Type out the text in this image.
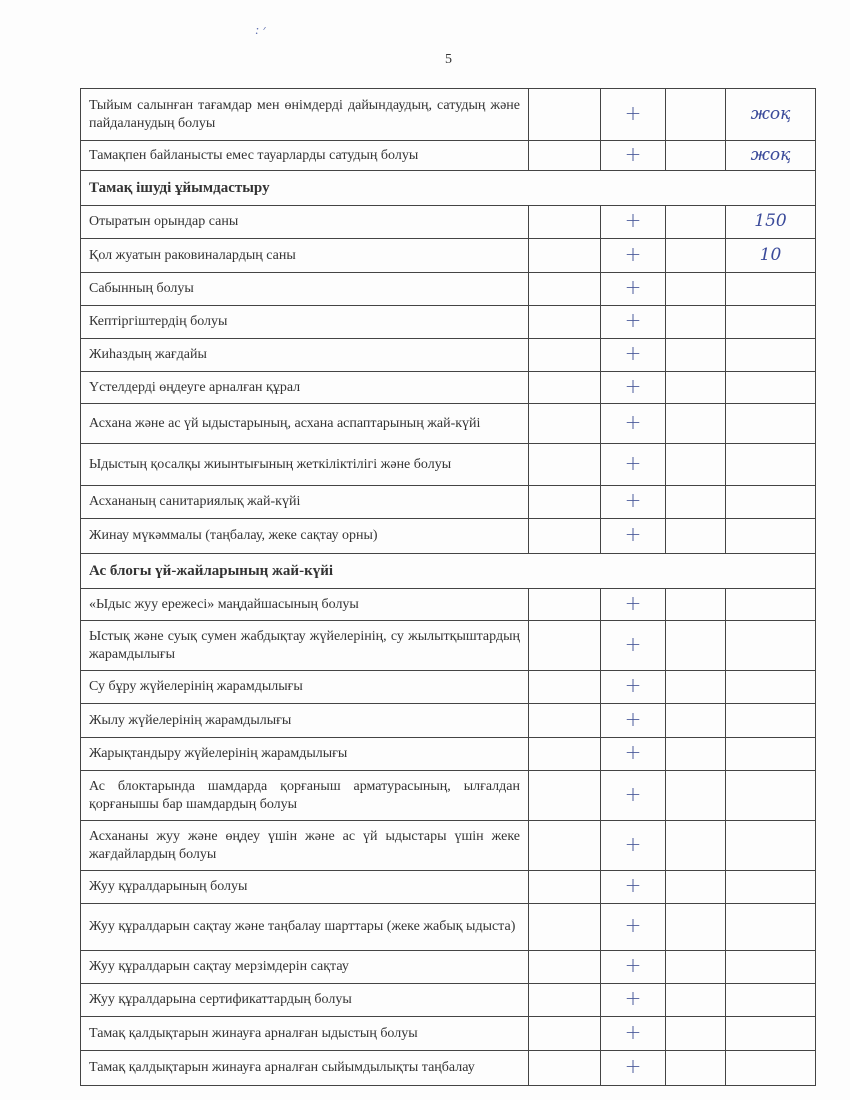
: ׳
5
Тыйым салынған тағамдар мен өнімдерді дайындаудың, сатудың және пайдаланудың болуы		+		жоқ
Тамақпен байланысты емес тауарларды сатудың болуы		+		жоқ
Тамақ ішуді ұйымдастыру				
Отыратын орындар саны		+		150
Қол жуатын раковиналардың саны		+		10
Сабынның болуы		+		
Кептіргіштердің болуы		+		
Жиһаздың жағдайы		+		
Үстелдерді өңдеуге арналған құрал		+		
Асхана және ас үй ыдыстарының, асхана аспаптарының жай-күйі		+		
Ыдыстың қосалқы жиынтығының жеткіліктілігі және болуы		+		
Асхананың санитариялық жай-күйі		+		
Жинау мүкәммалы (таңбалау, жеке сақтау орны)		+		
Ас блогы үй-жайларының жай-күйі				
«Ыдыс жуу ережесі» маңдайшасының болуы		+		
Ыстық және суық сумен жабдықтау жүйелерінің, су жылытқыштардың жарамдылығы		+		
Су бұру жүйелерінің жарамдылығы		+		
Жылу жүйелерінің жарамдылығы		+		
Жарықтандыру жүйелерінің жарамдылығы		+		
Ас блоктарында шамдарда қорғаныш арматурасының, ылғалдан қорғанышы бар шамдардың болуы		+		
Асхананы жуу және өңдеу үшін және ас үй ыдыстары үшін жеке жағдайлардың болуы		+		
Жуу құралдарының болуы		+		
Жуу құралдарын сақтау және таңбалау шарттары (жеке жабық ыдыста)		+		
Жуу құралдарын сақтау мерзімдерін сақтау		+		
Жуу құралдарына сертификаттардың болуы		+		
Тамақ қалдықтарын жинауға арналған ыдыстың болуы		+		
Тамақ қалдықтарын жинауға арналған сыйымдылықты таңбалау		+		
